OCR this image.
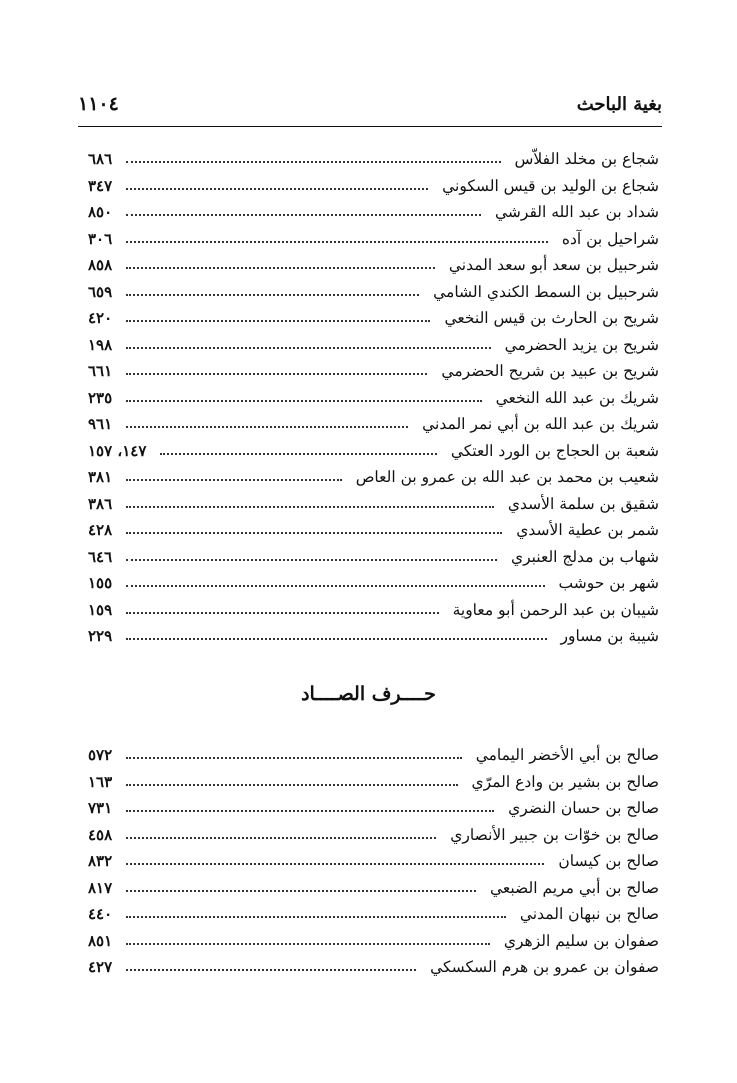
بغية الباحث
١١٠٤
شجاع بن مخلد الفلاّس
٦٨٦
شجاع بن الوليد بن قيس السكوني
٣٤٧
شداد بن عبد الله القرشي
٨٥٠
شراحيل بن آده
٣٠٦
شرحبيل بن سعد أبو سعد المدني
٨٥٨
شرحبيل بن السمط الكندي الشامي
٦٥٩
شريح بن الحارث بن قيس النخعي
٤٢٠
شريح بن يزيد الحضرمي
١٩٨
شريح بن عبيد بن شريح الحضرمي
٦٦١
شريك بن عبد الله النخعي
٢٣٥
شريك بن عبد الله بن أبي نمر المدني
٩٦١
شعبة بن الحجاج بن الورد العتكي
١٤٧، ١٥٧
شعيب بن محمد بن عبد الله بن عمرو بن العاص
٣٨١
شقيق بن سلمة الأسدي
٣٨٦
شمر بن عطية الأسدي
٤٢٨
شهاب بن مدلج العنبري
٦٤٦
شهر بن حوشب
١٥٥
شيبان بن عبد الرحمن أبو معاوية
١٥٩
شيبة بن مساور
٢٢٩
حــــرف الصــــاد
صالح بن أبي الأخضر اليمامي
٥٧٢
صالح بن بشير بن وادع المرّي
١٦٣
صالح بن حسان النضري
٧٣١
صالح بن خوّات بن جبير الأنصاري
٤٥٨
صالح بن كيسان
٨٣٢
صالح بن أبي مريم الضبعي
٨١٧
صالح بن نبهان المدني
٤٤٠
صفوان بن سليم الزهري
٨٥١
صفوان بن عمرو بن هرم السكسكي
٤٢٧
